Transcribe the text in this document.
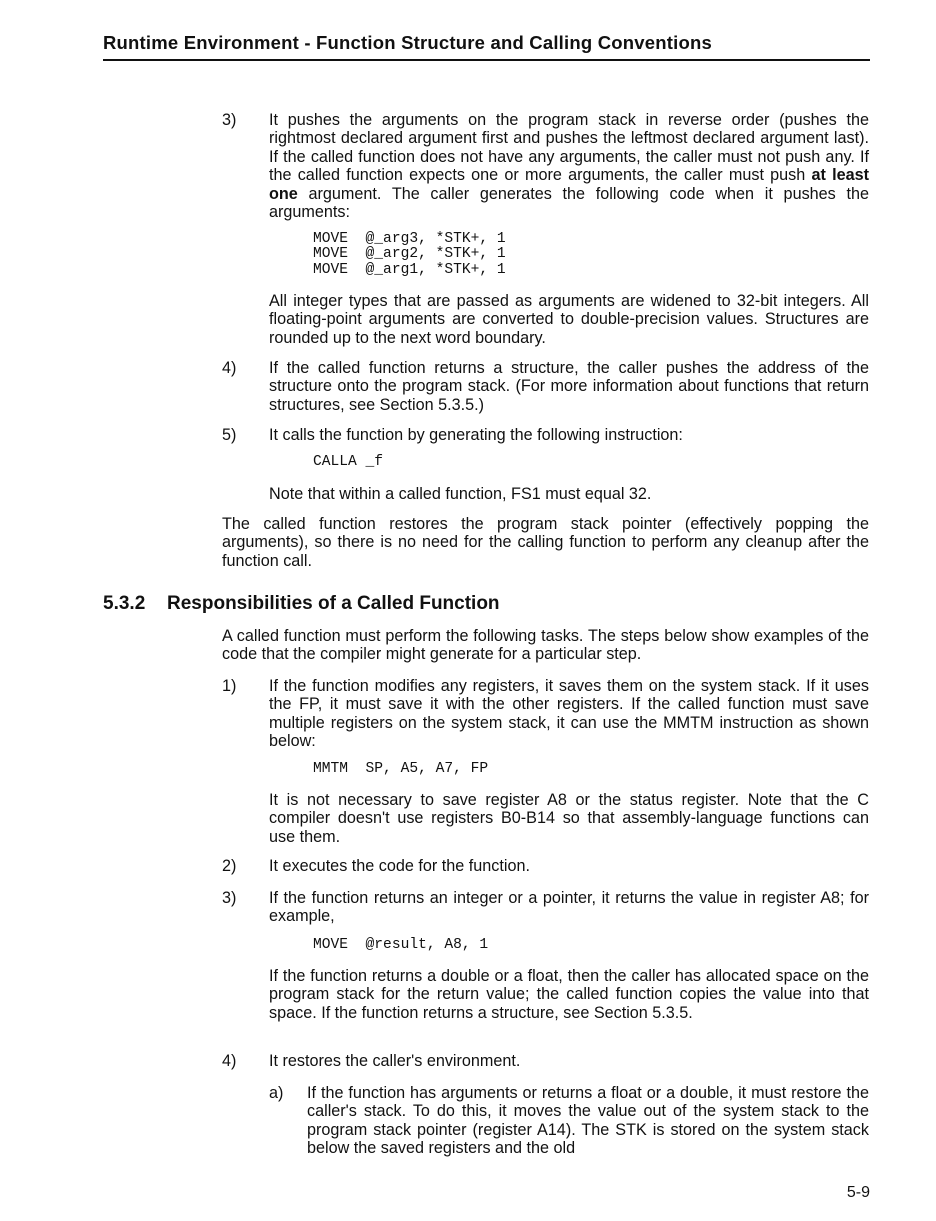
Runtime Environment - Function Structure and Calling Conventions
3)	It pushes the arguments on the program stack in reverse order (pushes the rightmost declared argument first and pushes the leftmost declared argument last). If the called function does not have any arguments, the caller must not push any. If the called function expects one or more arguments, the caller must push at least one argument. The caller generates the following code when it pushes the arguments:
MOVE  @_arg3, *STK+, 1
MOVE  @_arg2, *STK+, 1
MOVE  @_arg1, *STK+, 1
All integer types that are passed as arguments are widened to 32-bit integers. All floating-point arguments are converted to double-precision values. Structures are rounded up to the next word boundary.
4)	If the called function returns a structure, the caller pushes the address of the structure onto the program stack. (For more information about functions that return structures, see Section 5.3.5.)
5)	It calls the function by generating the following instruction:
CALLA _f
Note that within a called function, FS1 must equal 32.
The called function restores the program stack pointer (effectively popping the arguments), so there is no need for the calling function to perform any cleanup after the function call.
5.3.2 Responsibilities of a Called Function
A called function must perform the following tasks. The steps below show examples of the code that the compiler might generate for a particular step.
1)	If the function modifies any registers, it saves them on the system stack. If it uses the FP, it must save it with the other registers. If the called function must save multiple registers on the system stack, it can use the MMTM instruction as shown below:
MMTM  SP, A5, A7, FP
It is not necessary to save register A8 or the status register. Note that the C compiler doesn't use registers B0-B14 so that assembly-language functions can use them.
2)	It executes the code for the function.
3)	If the function returns an integer or a pointer, it returns the value in register A8; for example,
MOVE  @result, A8, 1
If the function returns a double or a float, then the caller has allocated space on the program stack for the return value; the called function copies the value into that space. If the function returns a structure, see Section 5.3.5.
4)	It restores the caller's environment.
a) If the function has arguments or returns a float or a double, it must restore the caller's stack. To do this, it moves the value out of the system stack to the program stack pointer (register A14). The STK is stored on the system stack below the saved registers and the old
5-9
